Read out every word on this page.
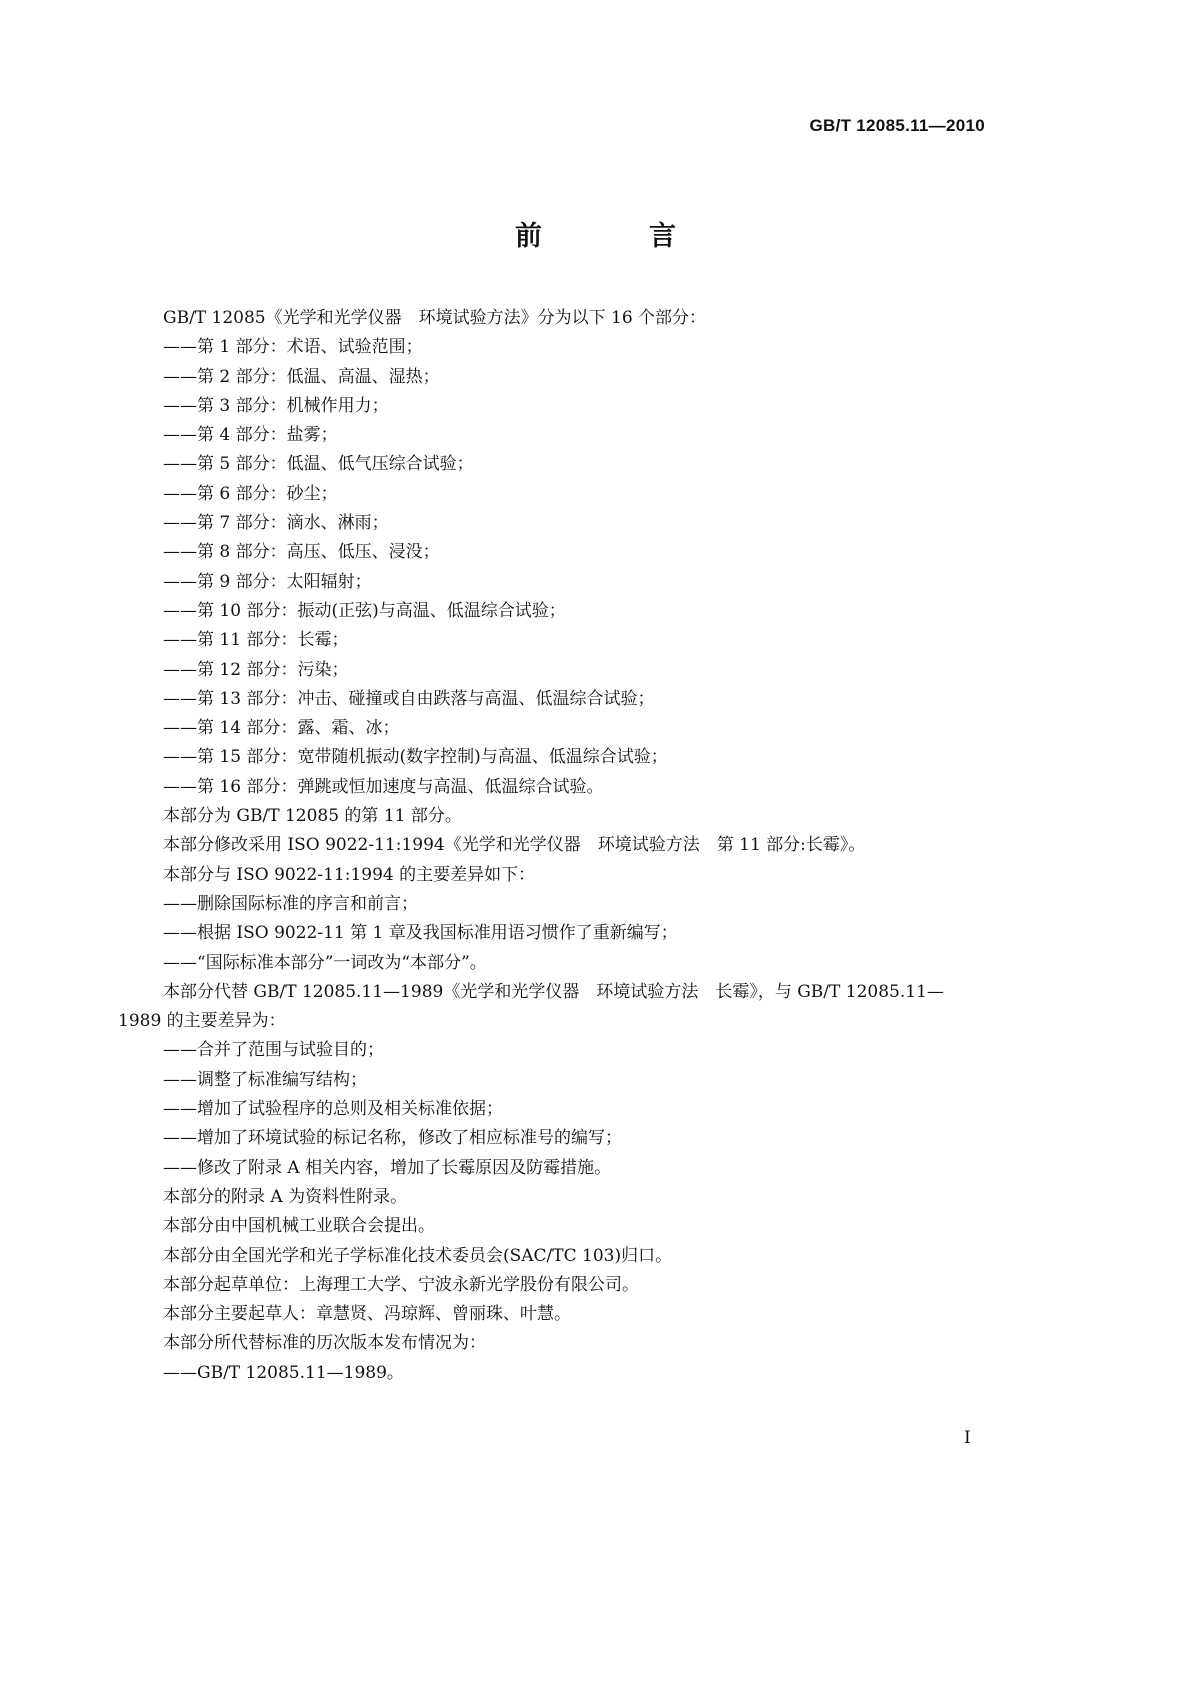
GB/T 12085.11—2010
前　言
GB/T 12085《光学和光学仪器　环境试验方法》分为以下 16 个部分：
——第 1 部分：术语、试验范围；
——第 2 部分：低温、高温、湿热；
——第 3 部分：机械作用力；
——第 4 部分：盐雾；
——第 5 部分：低温、低气压综合试验；
——第 6 部分：砂尘；
——第 7 部分：滴水、淋雨；
——第 8 部分：高压、低压、浸没；
——第 9 部分：太阳辐射；
——第 10 部分：振动(正弦)与高温、低温综合试验；
——第 11 部分：长霉；
——第 12 部分：污染；
——第 13 部分：冲击、碰撞或自由跌落与高温、低温综合试验；
——第 14 部分：露、霜、冰；
——第 15 部分：宽带随机振动(数字控制)与高温、低温综合试验；
——第 16 部分：弹跳或恒加速度与高温、低温综合试验。
本部分为 GB/T 12085 的第 11 部分。
本部分修改采用 ISO 9022-11:1994《光学和光学仪器　环境试验方法　第 11 部分:长霉》。
本部分与 ISO 9022-11:1994 的主要差异如下：
——删除国际标准的序言和前言；
——根据 ISO 9022-11 第 1 章及我国标准用语习惯作了重新编写；
——“国际标准本部分”一词改为“本部分”。
本部分代替 GB/T 12085.11—1989《光学和光学仪器　环境试验方法　长霉》，与 GB/T 12085.11—
1989 的主要差异为：
——合并了范围与试验目的；
——调整了标准编写结构；
——增加了试验程序的总则及相关标准依据；
——增加了环境试验的标记名称，修改了相应标准号的编写；
——修改了附录 A 相关内容，增加了长霉原因及防霉措施。
本部分的附录 A 为资料性附录。
本部分由中国机械工业联合会提出。
本部分由全国光学和光子学标准化技术委员会(SAC/TC 103)归口。
本部分起草单位：上海理工大学、宁波永新光学股份有限公司。
本部分主要起草人：章慧贤、冯琼辉、曾丽珠、叶慧。
本部分所代替标准的历次版本发布情况为：
——GB/T 12085.11—1989。
I
